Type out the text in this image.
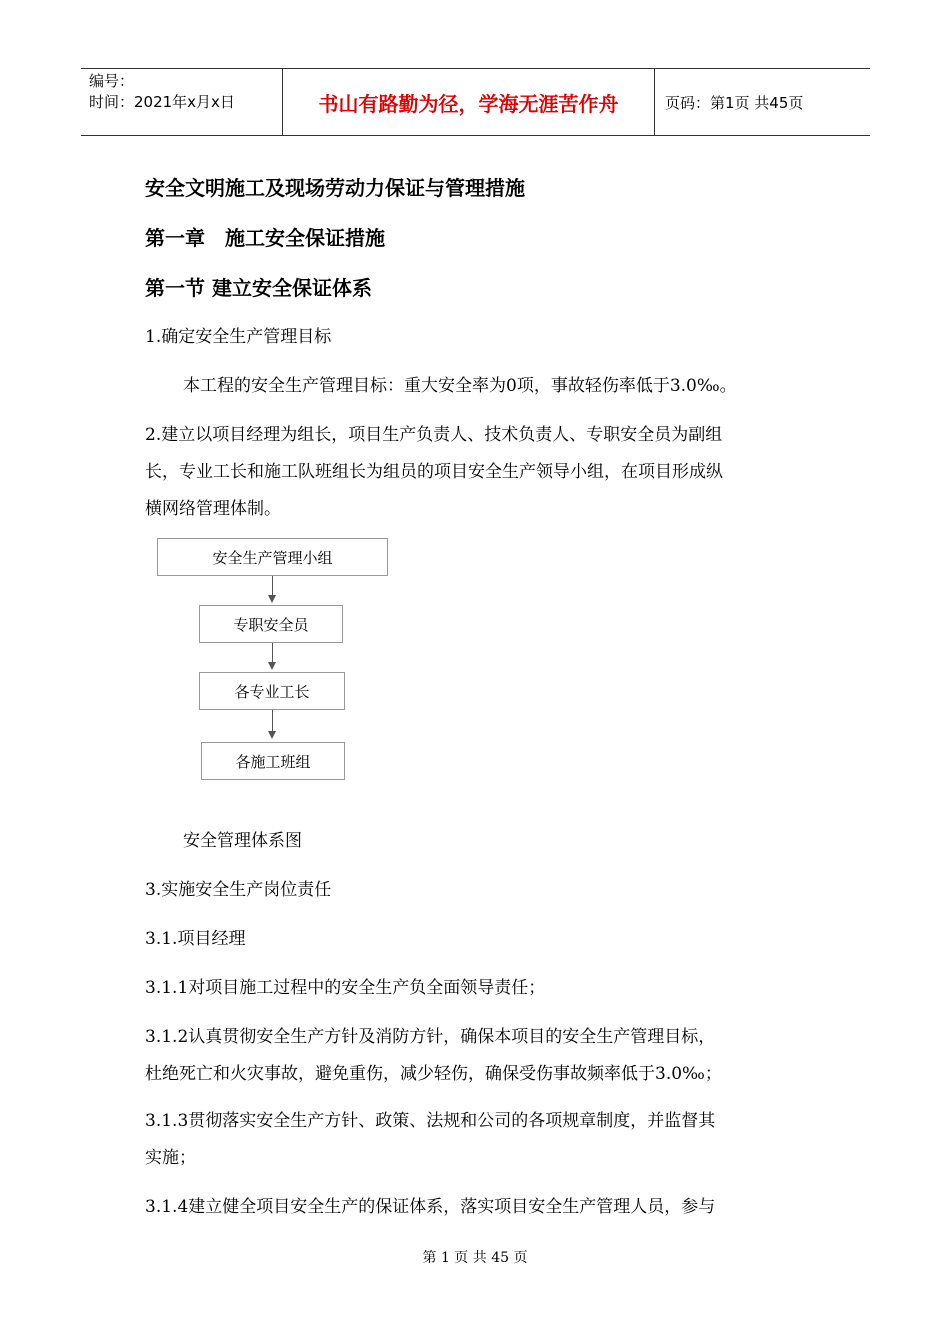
编号：
时间：2021年x月x日	书山有路勤为径，学海无涯苦作舟	页码：第1页 共45页
安全文明施工及现场劳动力保证与管理措施
第一章　施工安全保证措施
第一节 建立安全保证体系
1.确定安全生产管理目标
本工程的安全生产管理目标：重大安全率为0项，事故轻伤率低于3.0‰。
2.建立以项目经理为组长，项目生产负责人、技术负责人、专职安全员为副组
长，专业工长和施工队班组长为组员的项目安全生产领导小组，在项目形成纵
横网络管理体制。
安全生产管理小组
专职安全员
各专业工长
各施工班组
安全管理体系图
3.实施安全生产岗位责任
3.1.项目经理
3.1.1对项目施工过程中的安全生产负全面领导责任；
3.1.2认真贯彻安全生产方针及消防方针，确保本项目的安全生产管理目标，
杜绝死亡和火灾事故，避免重伤，减少轻伤，确保受伤事故频率低于3.0‰；
3.1.3贯彻落实安全生产方针、政策、法规和公司的各项规章制度，并监督其
实施；
3.1.4建立健全项目安全生产的保证体系，落实项目安全生产管理人员，参与
第 1 页 共 45 页
